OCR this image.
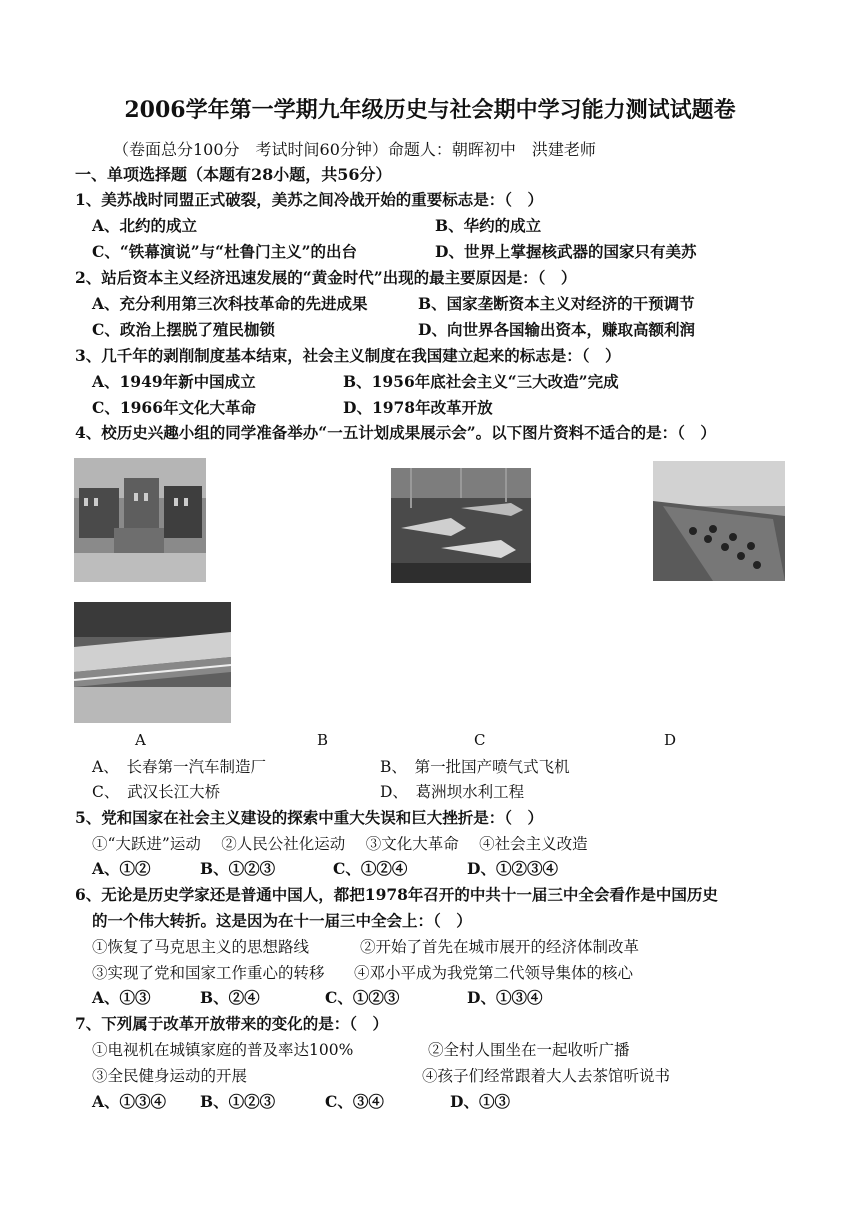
2006学年第一学期九年级历史与社会期中学习能力测试试题卷
（卷面总分100分　考试时间60分钟）命题人：朝晖初中　洪建老师
一、单项选择题（本题有28小题，共56分）
1、美苏战时同盟正式破裂，美苏之间冷战开始的重要标志是：（　）
A、北约的成立	B、华约的成立
C、“铁幕演说”与“杜鲁门主义”的出台	D、世界上掌握核武器的国家只有美苏
2、站后资本主义经济迅速发展的“黄金时代”出现的最主要原因是：（　）
A、充分利用第三次科技革命的先进成果	B、国家垄断资本主义对经济的干预调节
C、政治上摆脱了殖民枷锁	D、向世界各国输出资本，赚取高额利润
3、几千年的剥削制度基本结束，社会主义制度在我国建立起来的标志是：（　）
A、1949年新中国成立	B、1956年底社会主义“三大改造”完成
C、1966年文化大革命	D、1978年改革开放
4、校历史兴趣小组的同学准备举办“一五计划成果展示会”。以下图片资料不适合的是：（　）
A	B	C	D
A、　长春第一汽车制造厂	B、　第一批国产喷气式飞机
C、　武汉长江大桥	D、　葛洲坝水利工程
5、党和国家在社会主义建设的探索中重大失误和巨大挫折是：（　）
①“大跃进”运动　 ②人民公社化运动　 ③文化大革命　 ④社会主义改造
A、①②	B、①②③	C、①②④	D、①②③④
6、无论是历史学家还是普通中国人，都把1978年召开的中共十一届三中全会看作是中国历史
的一个伟大转折。这是因为在十一届三中全会上：（　）
①恢复了马克思主义的思想路线	②开始了首先在城市展开的经济体制改革
③实现了党和国家工作重心的转移 ④邓小平成为我党第二代领导集体的核心
A、①③	B、②④	C、①②③	D、①③④
7、下列属于改革开放带来的变化的是：（　）
①电视机在城镇家庭的普及率达100%	②全村人围坐在一起收听广播
③全民健身运动的开展	④孩子们经常跟着大人去茶馆听说书
A、①③④ B、①②③	C、③④	D、①③
